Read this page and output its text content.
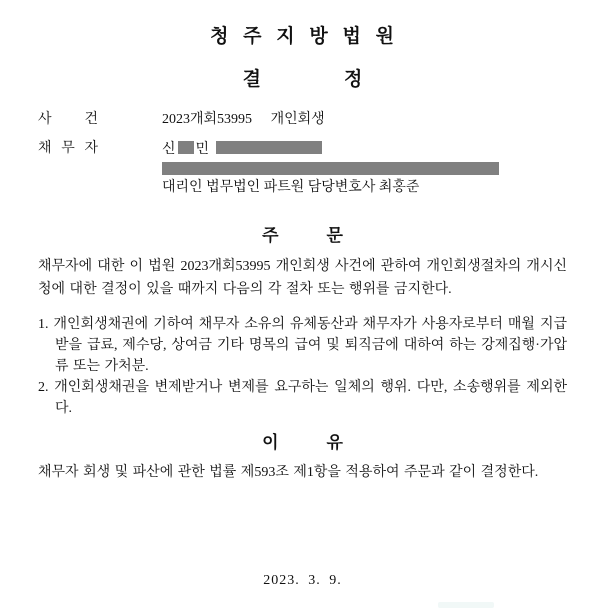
청 주 지 방 법 원
결	정
사 건	2023개회53995 개인회생
채 무 자	신 민
대리인 법무법인 파트원 담당변호사 최홍준
주	문
채무자에 대한 이 법원 2023개회53995 개인회생 사건에 관하여 개인회생절차의 개시신청에 대한 결정이 있을 때까지 다음의 각 절차 또는 행위를 금지한다.
1. 개인회생채권에 기하여 채무자 소유의 유체동산과 채무자가 사용자로부터 매월 지급받을 급료, 제수당, 상여금 기타 명목의 급여 및 퇴직금에 대하여 하는 강제집행·가압류 또는 가처분.
2. 개인회생채권을 변제받거나 변제를 요구하는 일체의 행위. 다만, 소송행위를 제외한다.
이	유
채무자 회생 및 파산에 관한 법률 제593조 제1항을 적용하여 주문과 같이 결정한다.
2023. 3. 9.
